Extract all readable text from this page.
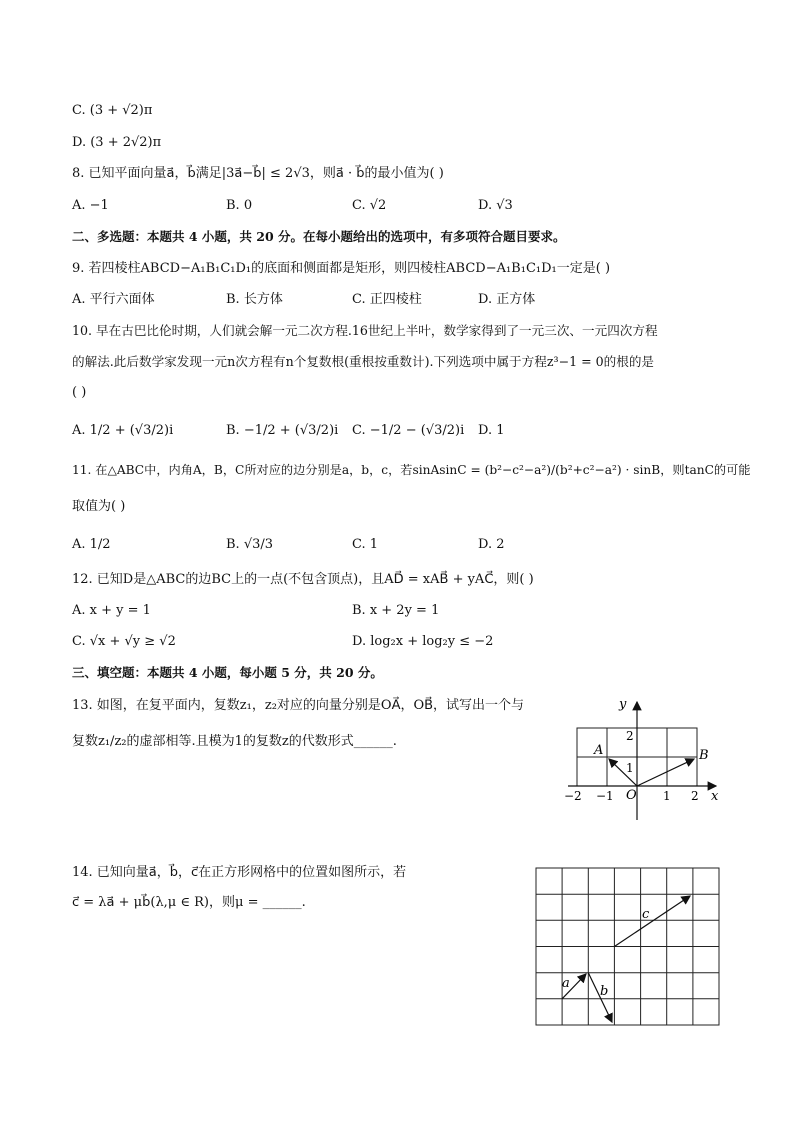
C. (3 + √2)π
D. (3 + 2√2)π
8. 已知平面向量a⃗，b⃗满足|3a⃗−b⃗| ≤ 2√3，则a⃗ · b⃗的最小值为( )
A. −1	B. 0	C. √2	D. √3
二、多选题：本题共 4 小题，共 20 分。在每小题给出的选项中，有多项符合题目要求。
9. 若四棱柱ABCD−A₁B₁C₁D₁的底面和侧面都是矩形，则四棱柱ABCD−A₁B₁C₁D₁一定是( )
A. 平行六面体	B. 长方体	C. 正四棱柱	D. 正方体
10. 早在古巴比伦时期，人们就会解一元二次方程.16世纪上半叶，数学家得到了一元三次、一元四次方程
的解法.此后数学家发现一元n次方程有n个复数根(重根按重数计).下列选项中属于方程z³−1 = 0的根的是
( )
A. 1/2 + (√3/2)i	B. −1/2 + (√3/2)i C. −1/2 − (√3/2)i D. 1
11. 在△ABC中，内角A，B，C所对应的边分别是a，b，c，若sinAsinC = (b²−c²−a²)/(b²+c²−a²) · sinB，则tanC的可能
取值为( )
A. 1/2	B. √3/3	C. 1	D. 2
12. 已知D是△ABC的边BC上的一点(不包含顶点)，且AD⃗ = xAB⃗ + yAC⃗，则( )
A. x + y = 1	B. x + 2y = 1
C. √x + √y ≥ √2	D. log₂x + log₂y ≤ −2
三、填空题：本题共 4 小题，每小题 5 分，共 20 分。
13. 如图，在复平面内，复数z₁，z₂对应的向量分别是OA⃗，OB⃗，试写出一个与
复数z₁/z₂的虚部相等.且模为1的复数z的代数形式______.
y
x
O
A	B
−2 −1	1 2
1
2
14. 已知向量a⃗，b⃗，c⃗在正方形网格中的位置如图所示，若
c⃗ = λa⃗ + μb⃗(λ,μ ∈ R)，则μ = ______.
c
a
b
